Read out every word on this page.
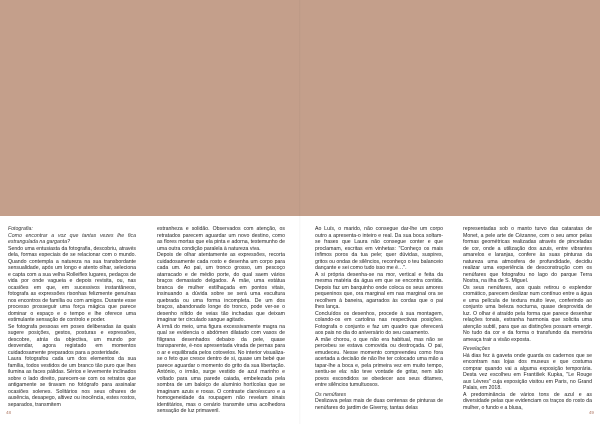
Fotografia:

Como encontrar a voz que tantas vezes lhe fica estrangulada na garganta?

Sendo uma entusiasta da fotografia, descobriu, através dela, formas especiais de se relacionar com o mundo. Quando contempla a natureza na sua transbordante sensualidade, após um longo e atento olhar, seleciona e capta com a sua velha Rolleiflex lugares, pedaços de vida por onde vagueia e depois revisita, ou, nas ocasiões em que, em sucessivos instantâneos, fotografa as expressões risonhas felizmente genuínas nos encontros de família ou com amigos. Durante esse processo prosseguir uma força mágica que parece dominar o espaço e o tempo e lhe oferece uma estimulante sensação de controlo e poder.

Se fotografa pessoas em poses deliberadas às quais sugere posições, gestos, posturas e expressões, descobre, atrás da objectiva, um mundo por desvendar, agora registado em momentos cuidadosamente preparados para a posteridade.

Laura fotografou cada um dos elementos da sua família, todos vestidos de um branco tão puro que lhes ilumina as faces pálidas. Sérios e levemente inclinados sobre o lado direito, parecem-se com os retratos que antigamente se tiravam no fotógrafo para assinalar ocasiões solenes. Solitários nos seus olhares de ausência, desapego, altivez ou inocência, estes rostos, separados, transmitem

estranheza e solidão. Observados com atenção, os retratados parecem aguardar um novo destino, como as flores mortas que ela pinta e adorna, testemunho de uma outra condição paralela à natureza viva.

Depois de olhar atentamente as expressões, recorta cuidadosamente cada rosto e desenha um corpo para cada um. Ao pai, um tronco grosso, um pescoço atarracado e de médio porte, do qual saem vários braços demasiado delgados. À mãe, uma estátua branca de mulher estilhaçada em pontos vitais, insinuando a dúvida sobre se será uma escultura quebrada ou uma forma incompleta. De um dos braços, abandonado longe do tronco, pode ver-se o desenho nítido de veias tão inchadas que deixam imaginar ter circulado sangue agitado.

A irmã do meio, uma figura excessivamente magra na qual se evidencia o abdómen dilatado com vasos de filigrana desenhados debaixo da pele, quase transparente, é-nos apresentada virada de pernas para o ar e equilibrada pelos cotovelos. No interior visualiza-se o feto que cresce dentro de si, quase um bebé que parece aguardar o momento do grito da sua libertação. António, o irmão, surge vestido de azul marinho e voltado para uma parede caiada, embelezada pela sombra de um baloiço de alumínio hortícolas que se imaginam azuis e roxas. O contraste claro/escuro e a homogeneidade da roupagem não revelam sinais identitários, mas o cenário transmite uma acolhedora sensação de luz primaveril.

Ao Luís, o marido, não consegue dar-lhe um corpo outro a apresenta-o inteiro e real. Da sua boca soltam-se frases que Laura não consegue conter e que proclamam, escritas em vinhetas: "Conheço os mais ínfimos poros da tua pele; quer dúvidas, suspires, gritos ou ondas de silêncios, reconheço o teu balanceio dançante e sei como tudo isso me é…".

A si própria desenha-se na mor, vertical e feita da mesma matéria da água em que se encontra contida. Depois faz um barquinho onde coloca os seus amores pequeninos que, ora marginal em nas marginal ora se recolhem à baneira, agarrados às cordas que o pai lhes lança.

Concluídos os desenhos, procede à sua montagem, colando-os em cartolina nas respectivas posições. Fotografa o conjunto e faz um quadro que oferecerá aos pais no dia do aniversário do seu casamento.

A mãe chorou, o que não era habitual, mas não se percebeu se estava comovida ou destroçada. O pai, emudeceu. Nesse momento compreendeu como fora acertada a decisão de não lhe ter colocado uma mão a tapar-lhe a boca e, pela primeira vez em muito tempo, sentiu-se ela: não teve vontade de gritar, nem são povos escondidos se obedecer aos seus ditames, entre silêncios tumultuosos.

Os nenúfares

Deslizava pelas mais de duas centenas de pinturas de nenúfares do jardim de Giverny, tantas delas

representadas sob o manto turvo das cataratas de Monet, a pele arte de Cézanne, com o seu amor pelas formas geométricas realizadas através de pinceladas de cor, onde a utilização dos azuis, entre vibrantes amarelos e laranjas, confere às suas pinturas da natureza uma atmosfera de profundidade, decidiu realizar uma experiência de desconstrução com os nenúfares que fotografou no lago do parque Terra Nostra, na ilha de S. Miguel.

Os seus nenúfares, aos quais retirou o esplendor cromático, parecem deslizar num contínuo entre a água e uma película de textura muito leve, conferindo ao conjunto uma beleza nocturna, quase desprovida de luz. O olhar é atraído pela forma que parece desenhar relações tonais, estranha harmonia que solicita uma atenção subtil, para que as distinções possam emergir. No tudo da cor e da forma o transfundo da memória ameaça trair a visão exposta.

Revelações

Há dias fez à gaveta onde guarda os cadernos que se encontram nas lojas dos museus e que costuma comprar quando vai a alguma exposição temporária. Desta vez escolheu em František Kupka, "Le Rouge aux Lèvres" cuja exposição visitou em Paris, no Grand Palais, em 2018.

A predominância de vários tons de azul e as diversidade pelas que evidenciam os traços do rosto da mulher, o fundo e a blusa,

48	49
